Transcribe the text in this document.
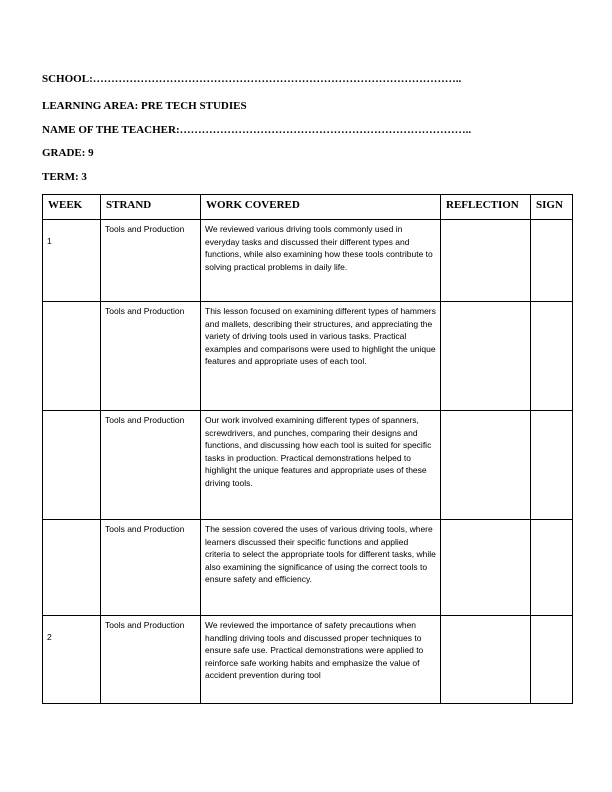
SCHOOL:………………………………………………………………………………………..
LEARNING AREA: PRE TECH STUDIES
NAME OF THE TEACHER:……………………………………………………………………..
GRADE: 9
TERM: 3
WEEK	STRAND	WORK COVERED	REFLECTION	SIGN

1	Tools and Production	We reviewed various driving tools commonly used in everyday tasks and discussed their different types and functions, while also examining how these tools contribute to solving practical problems in daily life.		

	Tools and Production	This lesson focused on examining different types of hammers and mallets, describing their structures, and appreciating the variety of driving tools used in various tasks. Practical examples and comparisons were used to highlight the unique features and appropriate uses of each tool.		

	Tools and Production	Our work involved examining different types of spanners, screwdrivers, and punches, comparing their designs and functions, and discussing how each tool is suited for specific tasks in production. Practical demonstrations helped to highlight the unique features and appropriate uses of these driving tools.		

	Tools and Production	The session covered the uses of various driving tools, where learners discussed their specific functions and applied criteria to select the appropriate tools for different tasks, while also examining the significance of using the correct tools to ensure safety and efficiency.		

2	Tools and Production	We reviewed the importance of safety precautions when handling driving tools and discussed proper techniques to ensure safe use. Practical demonstrations were applied to reinforce safe working habits and emphasize the value of accident prevention during tool		
